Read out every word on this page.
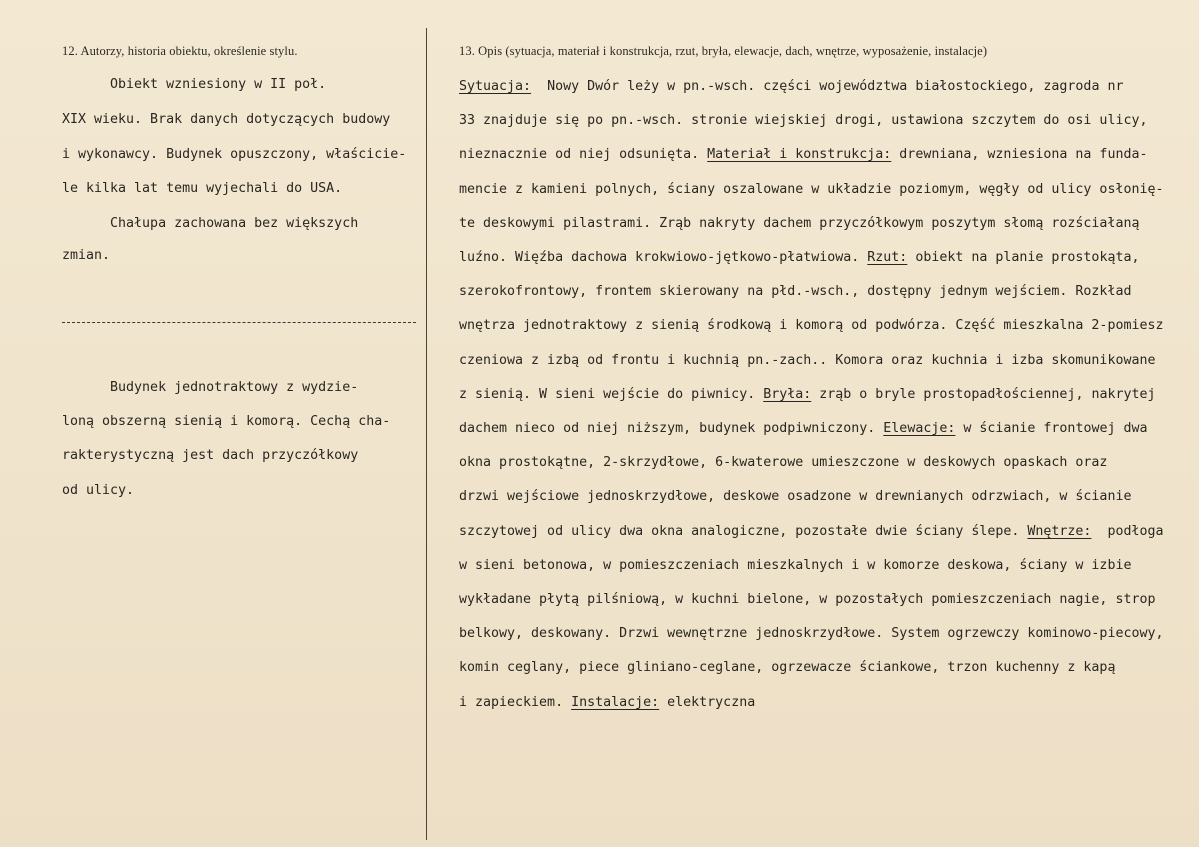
12. Autorzy, historia obiektu, określenie stylu.	13. Opis (sytuacja, materiał i konstrukcja, rzut, bryła, elewacje, dach, wnętrze, wyposażenie, instalacje)
Obiekt wzniesiony w II poł.
XIX wieku. Brak danych dotyczących budowy
i wykonawcy. Budynek opuszczony, właścicie-
le kilka lat temu wyjechali do USA.
Chałupa zachowana bez większych
zmian.
Budynek jednotraktowy z wydzie-
loną obszerną sienią i komorą. Cechą cha-
rakterystyczną jest dach przyczółkowy
od ulicy.
Sytuacja:  Nowy Dwór leży w pn.-wsch. części województwa białostockiego, zagroda nr
33 znajduje się po pn.-wsch. stronie wiejskiej drogi, ustawiona szczytem do osi ulicy,
nieznacznie od niej odsunięta. Materiał i konstrukcja: drewniana, wzniesiona na funda-
mencie z kamieni polnych, ściany oszalowane w układzie poziomym, węgły od ulicy osłonię-
te deskowymi pilastrami. Zrąb nakryty dachem przyczółkowym poszytym słomą rozściałaną
luźno. Więźba dachowa krokwiowo-jętkowo-płatwiowa. Rzut: obiekt na planie prostokąta,
szerokofrontowy, frontem skierowany na płd.-wsch., dostępny jednym wejściem. Rozkład
wnętrza jednotraktowy z sienią środkową i komorą od podwórza. Część mieszkalna 2-pomiesz
czeniowa z izbą od frontu i kuchnią pn.-zach.. Komora oraz kuchnia i izba skomunikowane
z sienią. W sieni wejście do piwnicy. Bryła: zrąb o bryle prostopadłościennej, nakrytej
dachem nieco od niej niższym, budynek podpiwniczony. Elewacje: w ścianie frontowej dwa
okna prostokątne, 2-skrzydłowe, 6-kwaterowe umieszczone w deskowych opaskach oraz
drzwi wejściowe jednoskrzydłowe, deskowe osadzone w drewnianych odrzwiach, w ścianie
szczytowej od ulicy dwa okna analogiczne, pozostałe dwie ściany ślepe. Wnętrze:  podłoga
w sieni betonowa, w pomieszczeniach mieszkalnych i w komorze deskowa, ściany w izbie
wykładane płytą pilśniową, w kuchni bielone, w pozostałych pomieszczeniach nagie, strop
belkowy, deskowany. Drzwi wewnętrzne jednoskrzydłowe. System ogrzewczy kominowo-piecowy,
komin ceglany, piece gliniano-ceglane, ogrzewacze ściankowe, trzon kuchenny z kapą
i zapieckiem. Instalacje: elektryczna
